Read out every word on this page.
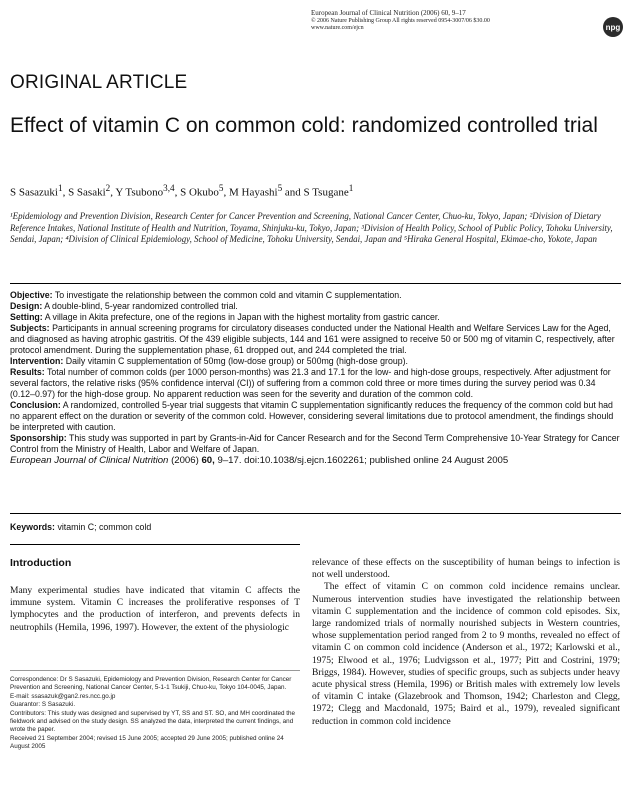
European Journal of Clinical Nutrition (2006) 60, 9–17
© 2006 Nature Publishing Group All rights reserved 0954-3007/06 $30.00
www.nature.com/ejcn	npg
ORIGINAL ARTICLE
Effect of vitamin C on common cold: randomized controlled trial
S Sasazuki$^1$, S Sasaki$^2$, Y Tsubono$^{3,4}$, S Okubo$^5$, M Hayashi$^5$ and S Tsugane$^1$
¹Epidemiology and Prevention Division, Research Center for Cancer Prevention and Screening, National Cancer Center, Chuo-ku, Tokyo, Japan; ²Division of Dietary Reference Intakes, National Institute of Health and Nutrition, Toyama, Shinjuku-ku, Tokyo, Japan; ³Division of Health Policy, School of Public Policy, Tohoku University, Sendai, Japan; ⁴Division of Clinical Epidemiology, School of Medicine, Tohoku University, Sendai, Japan and ⁵Hiraka General Hospital, Ekimae-cho, Yokote, Japan

Objective: To investigate the relationship between the common cold and vitamin C supplementation.

Design: A double-blind, 5-year randomized controlled trial.

Setting: A village in Akita prefecture, one of the regions in Japan with the highest mortality from gastric cancer.

Subjects: Participants in annual screening programs for circulatory diseases conducted under the National Health and Welfare Services Law for the Aged, and diagnosed as having atrophic gastritis. Of the 439 eligible subjects, 144 and 161 were assigned to receive 50 or 500 mg of vitamin C, respectively, after protocol amendment. During the supplementation phase, 61 dropped out, and 244 completed the trial.

Intervention: Daily vitamin C supplementation of 50mg (low-dose group) or 500mg (high-dose group).

Results: Total number of common colds (per 1000 person-months) was 21.3 and 17.1 for the low- and high-dose groups, respectively. After adjustment for several factors, the relative risks (95% confidence interval (CI)) of suffering from a common cold three or more times during the survey period was 0.34 (0.12–0.97) for the high-dose group. No apparent reduction was seen for the severity and duration of the common cold.

Conclusion: A randomized, controlled 5-year trial suggests that vitamin C supplementation significantly reduces the frequency of the common cold but had no apparent effect on the duration or severity of the common cold. However, considering several limitations due to protocol amendment, the findings should be interpreted with caution.

Sponsorship: This study was supported in part by Grants-in-Aid for Cancer Research and for the Second Term Comprehensive 10-Year Strategy for Cancer Control from the Ministry of Health, Labor and Welfare of Japan.

European Journal of Clinical Nutrition (2006) 60, 9–17. doi:10.1038/sj.ejcn.1602261; published online 24 August 2005

Keywords: vitamin C; common cold
Introduction
Many experimental studies have indicated that vitamin C affects the immune system. Vitamin C increases the proliferative responses of T lymphocytes and the production of interferon, and prevents defects in neutrophils (Hemila, 1996, 1997). However, the extent of the physiologic

relevance of these effects on the susceptibility of human beings to infection is not well understood.

The effect of vitamin C on common cold incidence remains unclear. Numerous intervention studies have investigated the relationship between vitamin C supplementation and the incidence of common cold episodes. Six, large randomized trials of normally nourished subjects in Western countries, whose supplementation period ranged from 2 to 9 months, revealed no effect of vitamin C on common cold incidence (Anderson et al., 1972; Karlowski et al., 1975; Elwood et al., 1976; Ludvigsson et al., 1977; Pitt and Costrini, 1979; Briggs, 1984). However, studies of specific groups, such as subjects under heavy acute physical stress (Hemila, 1996) or British males with extremely low levels of vitamin C intake (Glazebrook and Thomson, 1942; Charleston and Clegg, 1972; Clegg and Macdonald, 1975; Baird et al., 1979), revealed significant reduction in common cold incidence

Correspondence: Dr S Sasazuki, Epidemiology and Prevention Division, Research Center for Cancer Prevention and Screening, National Cancer Center, 5-1-1 Tsukiji, Chuo-ku, Tokyo 104-0045, Japan.
E-mail: ssasazuk@gan2.res.ncc.go.jp
Guarantor: S Sasazuki.
Contributors: This study was designed and supervised by YT, SS and ST. SO, and MH coordinated the fieldwork and advised on the study design. SS analyzed the data, interpreted the current findings, and wrote the paper.
Received 21 September 2004; revised 15 June 2005; accepted 29 June 2005; published online 24 August 2005
